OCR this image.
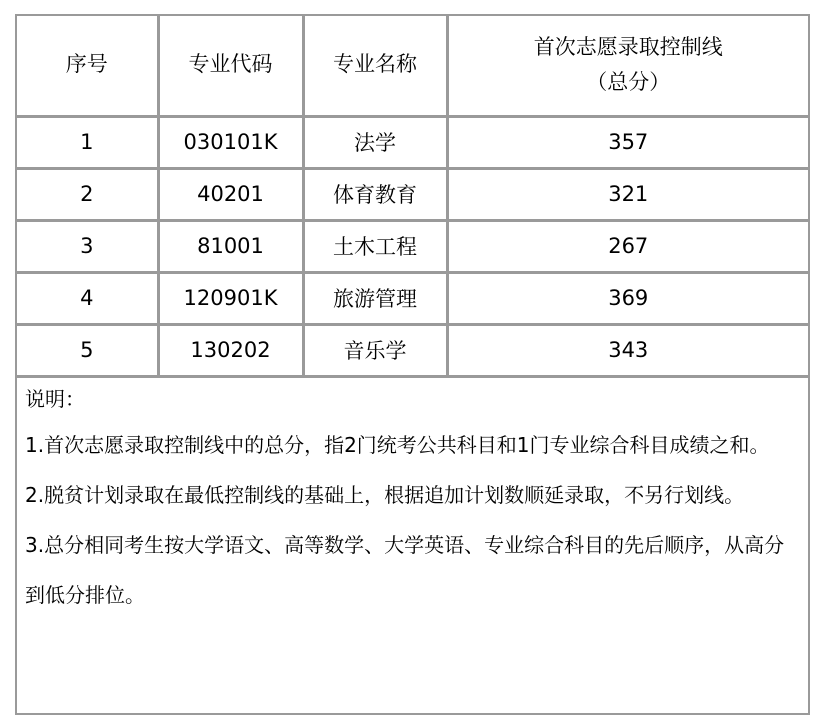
序号	专业代码	专业名称	首次志愿录取控制线
（总分）

1	030101K	法学	357
2	40201	体育教育	321
3	81001	土木工程	267
4	120901K	旅游管理	369
5	130202	音乐学	343
说明：

1.首次志愿录取控制线中的总分，指2门统考公共科目和1门专业综合科目成绩之和。

2.脱贫计划录取在最低控制线的基础上，根据追加计划数顺延录取，不另行划线。

3.总分相同考生按大学语文、高等数学、大学英语、专业综合科目的先后顺序，从高分到低分排位。
